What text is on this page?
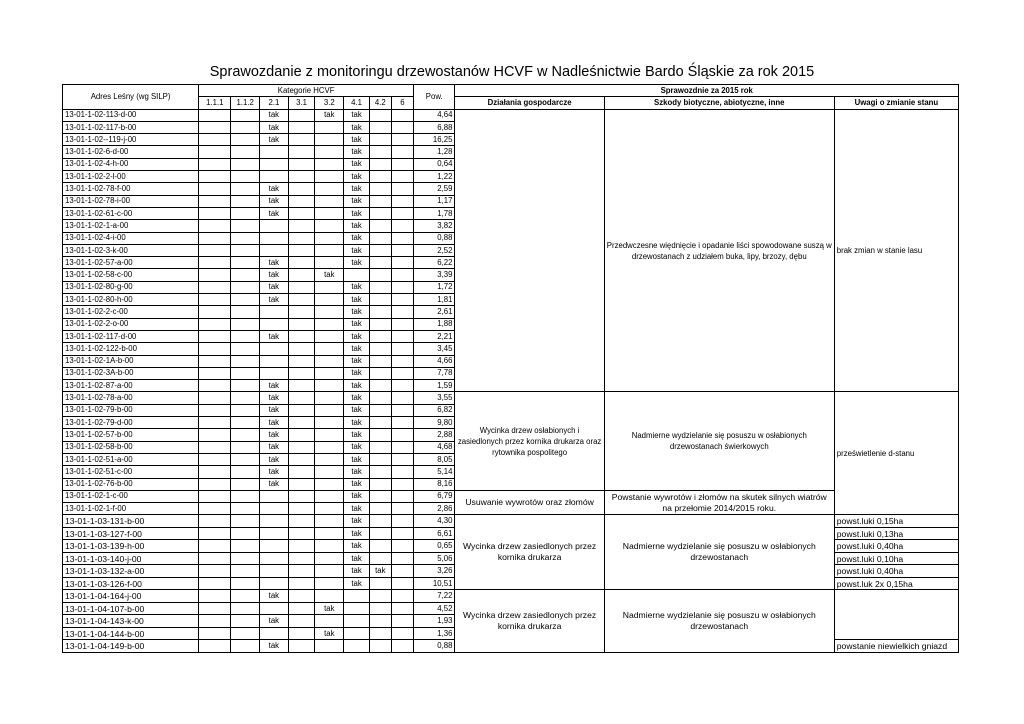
Sprawozdanie z monitoringu drzewostanów HCVF w Nadleśnictwie Bardo Śląskie za rok 2015
Adres Leśny (wg SILP)	Kategorie HCVF								Pow.	Sprawozdnie za 2015 rok		
	1.1.1	1.1.2	2.1	3.1	3.2	4.1	4.2	6		Działania gospodarcze	Szkody biotyczne, abiotyczne, inne	Uwagi o zmianie stanu
13-01-1-02-113-d-00			tak		tak	tak			4,64		Przedwczesne więdnięcie i opadanie liści spowodowane suszą w drzewostanach z udziałem buka, lipy, brzozy, dębu	brak zmian w stanie lasu
13-01-1-02-117-b-00			tak			tak			6,88			
13-01-1-02--119-j-00			tak			tak			16,25			
13-01-1-02-6-d-00						tak			1,28			
13-01-1-02-4-h-00						tak			0,64			
13-01-1-02-2-l-00						tak			1,22			
13-01-1-02-78-f-00			tak			tak			2,59			
13-01-1-02-78-i-00			tak			tak			1,17			
13-01-1-02-61-c-00			tak			tak			1,78			
13-01-1-02-1-a-00						tak			3,82			
13-01-1-02-4-i-00						tak			0,88			
13-01-1-02-3-k-00						tak			2,52			
13-01-1-02-57-a-00			tak			tak			6,22			
13-01-1-02-58-c-00			tak		tak				3,39			
13-01-1-02-80-g-00			tak			tak			1,72			
13-01-1-02-80-h-00			tak			tak			1,81			
13-01-1-02-2-c-00						tak			2,61			
13-01-1-02-2-o-00						tak			1,88			
13-01-1-02-117-d-00			tak			tak			2,21			
13-01-1-02-122-b-00						tak			3,45			
13-01-1-02-1A-b-00						tak			4,66			
13-01-1-02-3A-b-00						tak			7,78			
13-01-1-02-87-a-00			tak			tak			1,59			
13-01-1-02-78-a-00			tak			tak			3,55	Wycinka drzew osłabionych i zasiedlonych przez kornika drukarza oraz rytownika pospolitego	Nadmierne wydzielanie się posuszu w osłabionych drzewostanach świerkowych	prześwietlenie d-stanu
13-01-1-02-79-b-00			tak			tak			6,82			
13-01-1-02-79-d-00			tak			tak			9,80			
13-01-1-02-57-b-00			tak			tak			2,88			
13-01-1-02-58-b-00			tak			tak			4,68			
13-01-1-02-51-a-00			tak			tak			8,05			
13-01-1-02-51-c-00			tak			tak			5,14			
13-01-1-02-76-b-00			tak			tak			8,16			
13-01-1-02-1-c-00						tak			6,79	Usuwanie wywrotów oraz złomów	Powstanie wywrotów i złomów na skutek silnych wiatrów na przełomie 2014/2015 roku.	
13-01-1-02-1-f-00						tak			2,86			
13-01-1-03-131-b-00						tak			4,30	Wycinka drzew zasiedlonych przez kornika drukarza	Nadmierne wydzielanie się posuszu w osłabionych drzewostanach	powst.luki 0,15ha
13-01-1-03-127-f-00						tak			6,61			powst.luki 0,13ha
13-01-1-03-139-h-00						tak			0,65			powst.luki 0,40ha
13-01-1-03-140-j-00						tak			5,06			powst.luki 0,10ha
13-01-1-03-132-a-00						tak	tak		3,26			powst.luki 0,40ha
13-01-1-03-126-f-00						tak			10,51			powst.luk 2x 0,15ha
13-01-1-04-164-j-00			tak						7,22	Wycinka drzew zasiedlonych przez kornika drukarza	Nadmierne wydzielanie się posuszu w osłabionych drzewostanach	
13-01-1-04-107-b-00					tak				4,52			
13-01-1-04-143-k-00			tak						1,93			
13-01-1-04-144-b-00					tak				1,36			
13-01-1-04-149-b-00			tak						0,88			powstanie niewielkich gniazd
